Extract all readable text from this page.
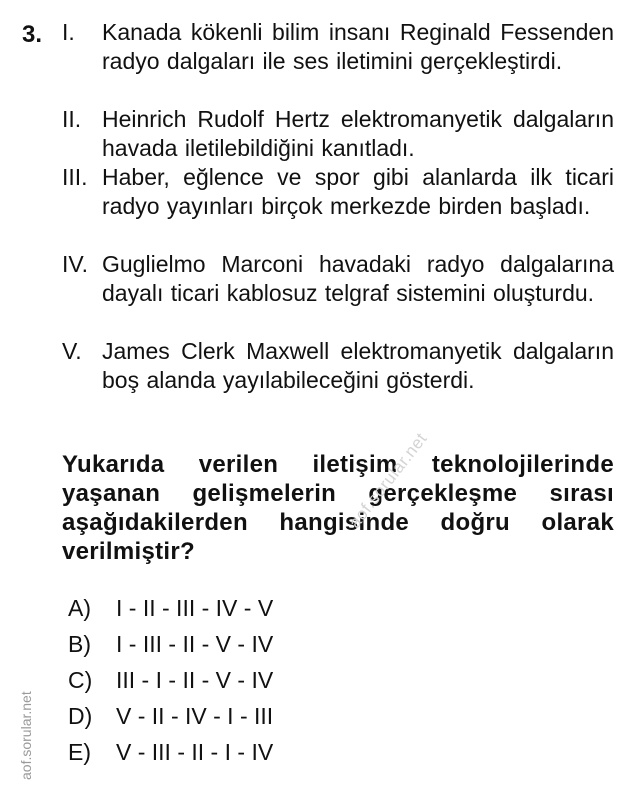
3. I. Kanada kökenli bilim insanı Reginald Fessenden radyo dalgaları ile ses iletimini gerçekleştirdi.
II. Heinrich Rudolf Hertz elektromanyetik dalgaların havada iletilebildiğini kanıtladı.
III. Haber, eğlence ve spor gibi alanlarda ilk ticari radyo yayınları birçok merkezde birden başladı.
IV. Guglielmo Marconi havadaki radyo dalgalarına dayalı ticari kablosuz telgraf sistemini oluşturdu.
V. James Clerk Maxwell elektromanyetik dalgaların boş alanda yayılabileceğini gösterdi.
Yukarıda verilen iletişim teknolojilerinde yaşanan gelişmelerin gerçekleşme sırası aşağıdakilerden hangisinde doğru olarak verilmiştir?
A) I - II - III - IV - V
B) I - III - II - V - IV
C) III - I - II - V - IV
D) V - II - IV - I - III
E) V - III - II - I - IV
aof.sorular.net
aof.sorular.net
